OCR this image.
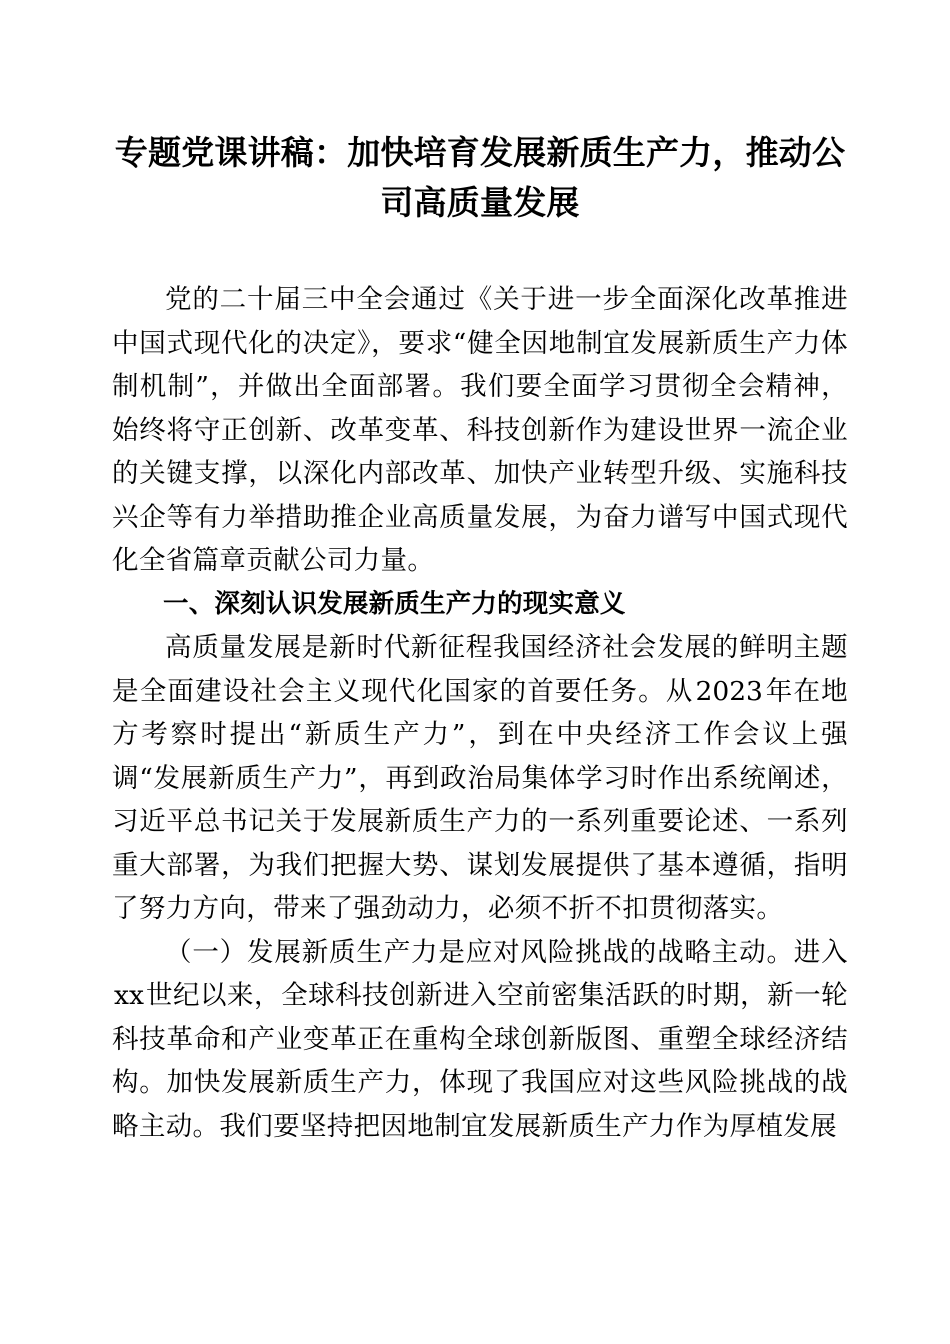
专题党课讲稿：加快培育发展新质生产力，推动公司高质量发展

党的二十届三中全会通过《关于进一步全面深化改革推进中国式现代化的决定》，要求“健全因地制宜发展新质生产力体制机制”，并做出全面部署。我们要全面学习贯彻全会精神，始终将守正创新、改革变革、科技创新作为建设世界一流企业的关键支撑，以深化内部改革、加快产业转型升级、实施科技兴企等有力举措助推企业高质量发展，为奋力谱写中国式现代化全省篇章贡献公司力量。

一、深刻认识发展新质生产力的现实意义

高质量发展是新时代新征程我国经济社会发展的鲜明主题是全面建设社会主义现代化国家的首要任务。从2023年在地方考察时提出“新质生产力”，到在中央经济工作会议上强调“发展新质生产力”，再到政治局集体学习时作出系统阐述，习近平总书记关于发展新质生产力的一系列重要论述、一系列重大部署，为我们把握大势、谋划发展提供了基本遵循，指明了努力方向，带来了强劲动力，必须不折不扣贯彻落实。

（一）发展新质生产力是应对风险挑战的战略主动。进入xx世纪以来，全球科技创新进入空前密集活跃的时期，新一轮科技革命和产业变革正在重构全球创新版图、重塑全球经济结构。加快发展新质生产力，体现了我国应对这些风险挑战的战略主动。我们要坚持把因地制宜发展新质生产力作为厚植发展
